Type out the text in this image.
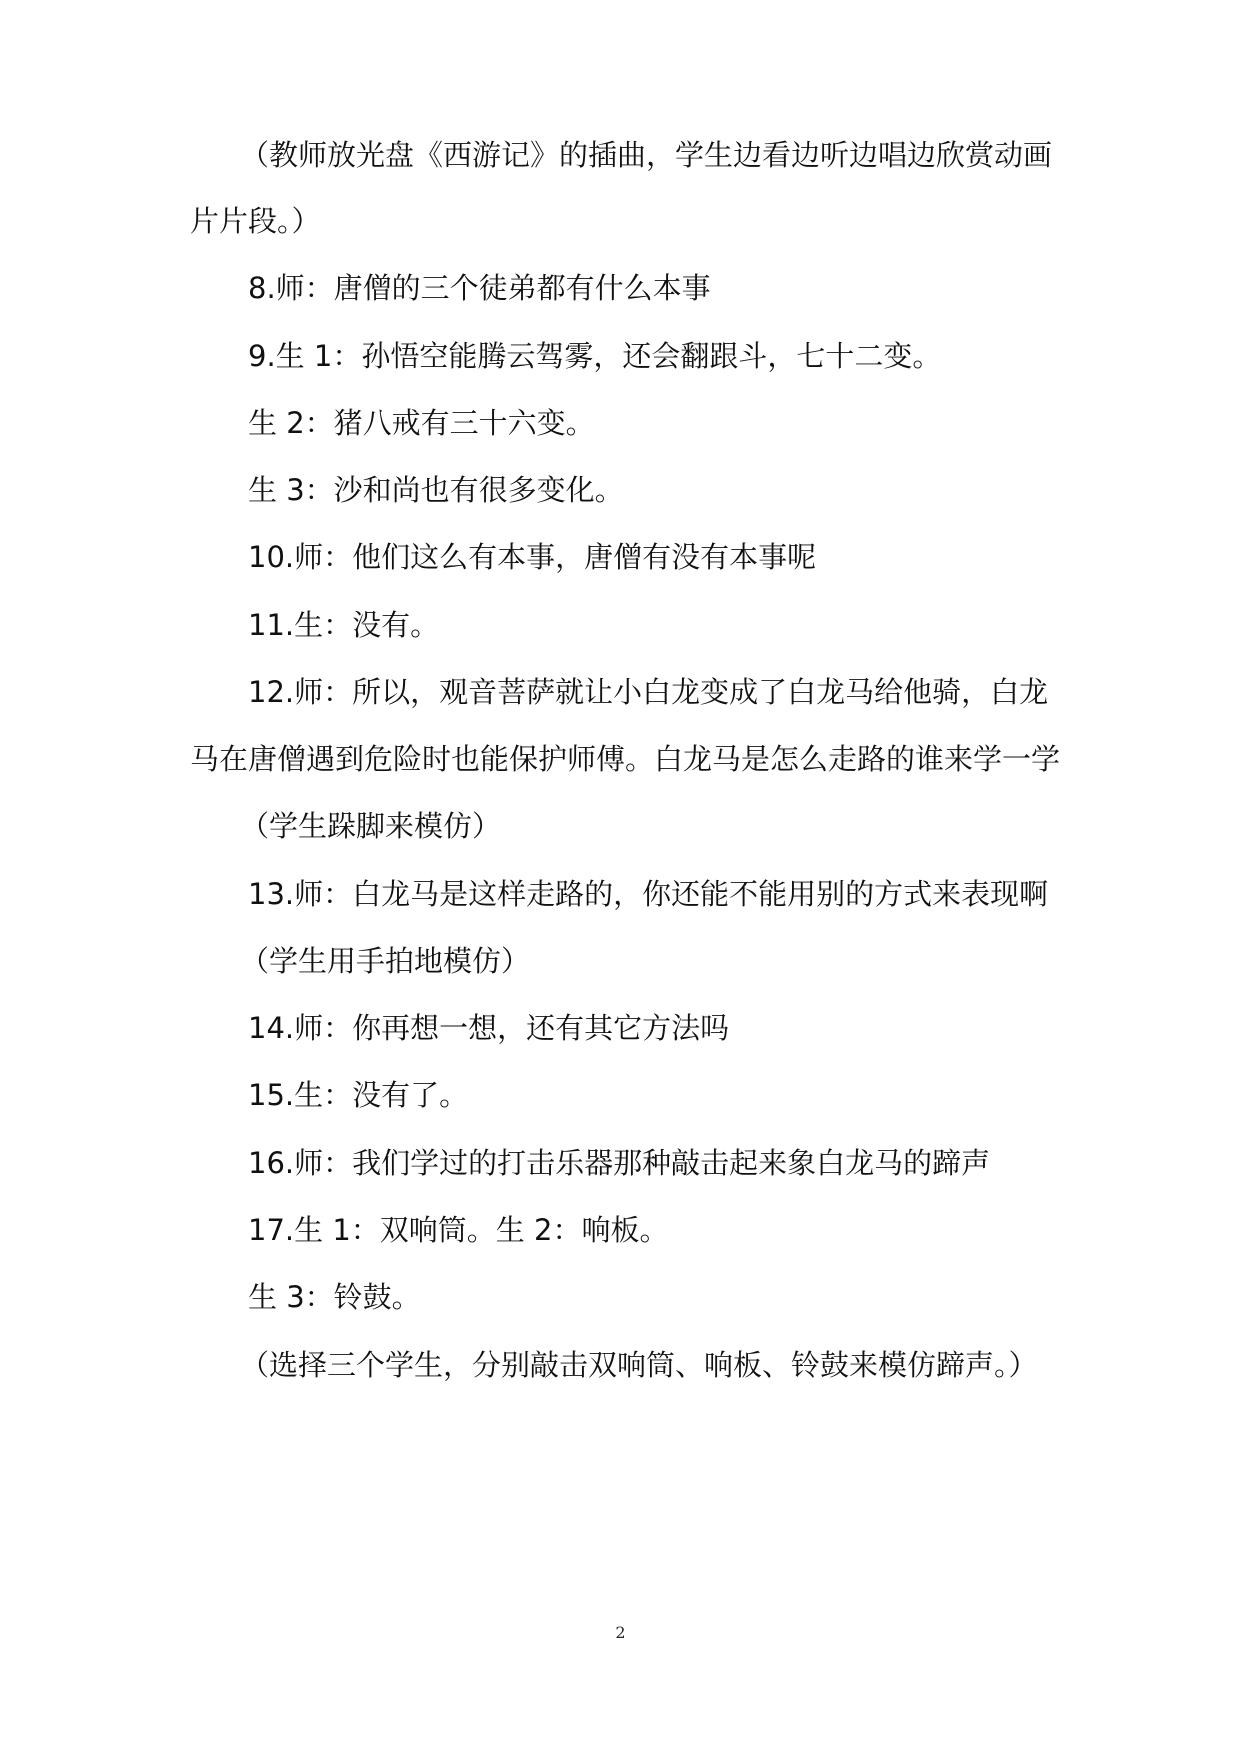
（教师放光盘《西游记》的插曲，学生边看边听边唱边欣赏动画
片片段。）
8.师：唐僧的三个徒弟都有什么本事
9.生 1：孙悟空能腾云驾雾，还会翻跟斗，七十二变。
生 2：猪八戒有三十六变。
生 3：沙和尚也有很多变化。
10.师：他们这么有本事，唐僧有没有本事呢
11.生：没有。
12.师：所以，观音菩萨就让小白龙变成了白龙马给他骑，白龙
马在唐僧遇到危险时也能保护师傅。白龙马是怎么走路的谁来学一学
（学生跺脚来模仿）
13.师：白龙马是这样走路的，你还能不能用别的方式来表现啊
（学生用手拍地模仿）
14.师：你再想一想，还有其它方法吗
15.生：没有了。
16.师：我们学过的打击乐器那种敲击起来象白龙马的蹄声
17.生 1：双响筒。生 2：响板。
生 3：铃鼓。
（选择三个学生，分别敲击双响筒、响板、铃鼓来模仿蹄声。）
2
